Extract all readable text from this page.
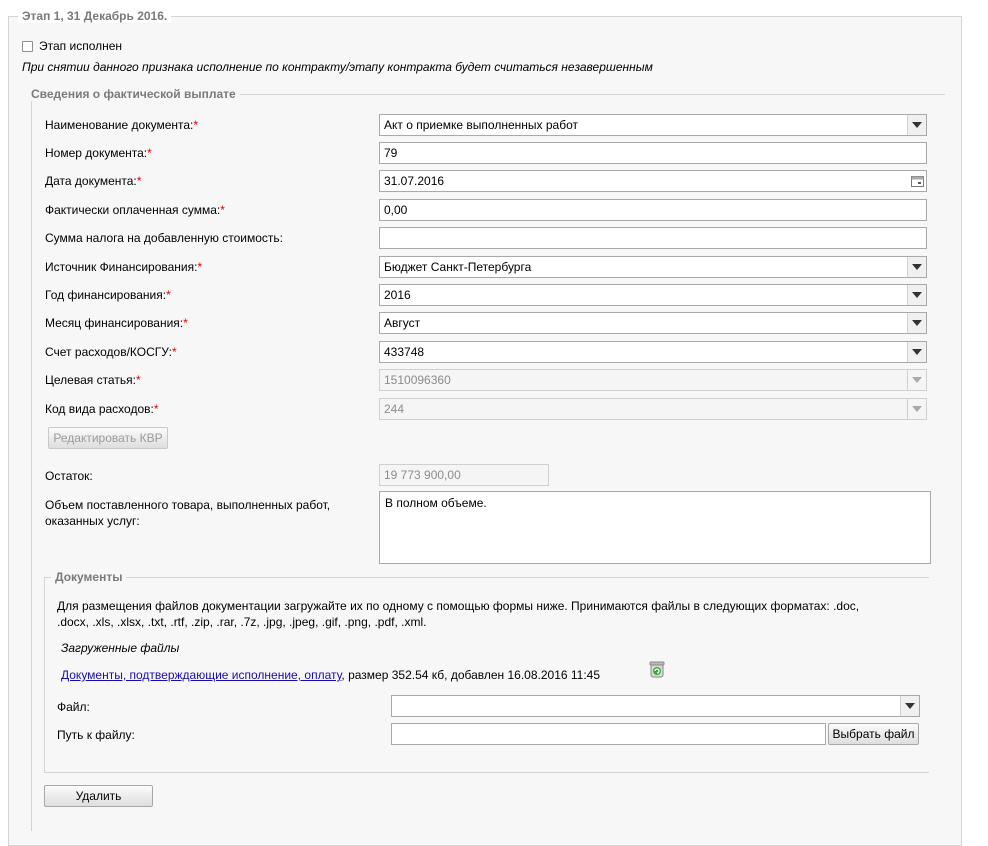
Этап 1, 31 Декабрь 2016.
Этап исполнен
При снятии данного признака исполнение по контракту/этапу контракта будет считаться незавершенным
Сведения о фактической выплате
Наименование документа:*	Акт о приемке выполненных работ
Номер документа:*	79
Дата документа:*	31.07.2016
Фактически оплаченная сумма:*	0,00
Сумма налога на добавленную стоимость:
Источник Финансирования:*	Бюджет Санкт-Петербурга
Год финансирования:*	2016
Месяц финансирования:*	Август
Счет расходов/КОСГУ:*	433748
Целевая статья:*	1510096360
Код вида расходов:*	244
Редактировать КВР
Остаток:	19 773 900,00
Объем поставленного товара, выполненных работ,
оказанных услуг:
В полном объеме.
Документы
Для размещения файлов документации загружайте их по одному с помощью формы ниже. Принимаются файлы в следующих форматах: .doc,
.docx, .xls, .xlsx, .txt, .rtf, .zip, .rar, .7z, .jpg, .jpeg, .gif, .png, .pdf, .xml.
Загруженные файлы
Документы, подтверждающие исполнение, оплату, размер 352.54 кб, добавлен 16.08.2016 11:45
Файл:
Путь к файлу:	Выбрать файл
Удалить
